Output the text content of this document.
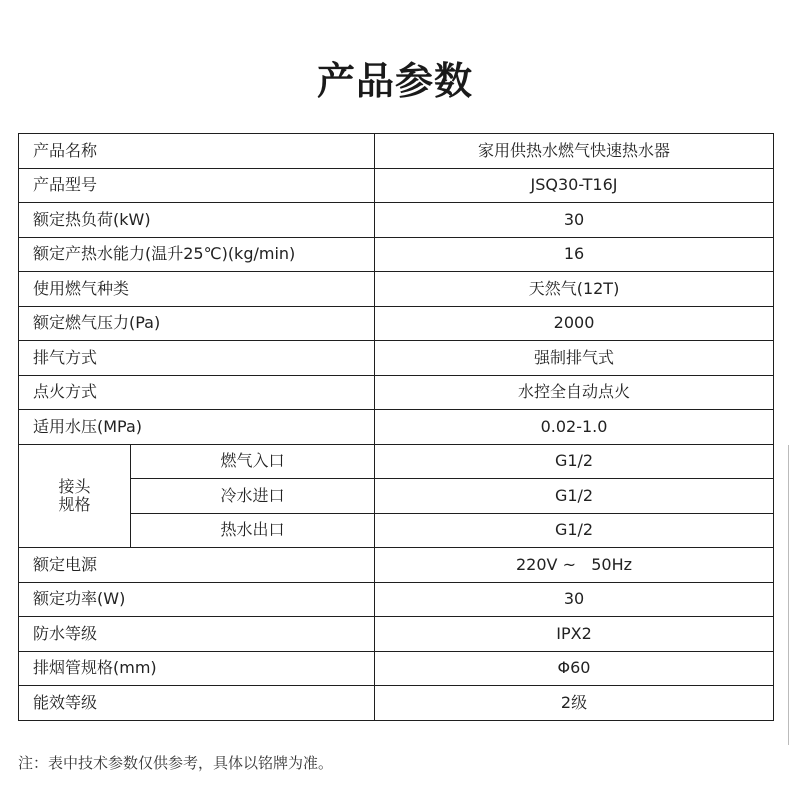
产品参数
产品名称		家用供热水燃气快速热水器
产品型号		JSQ30-T16J
额定热负荷(kW)		30
额定产热水能力(温升25℃)(kg/min)		16
使用燃气种类		天然气(12T)
额定燃气压力(Pa)		2000
排气方式		强制排气式
点火方式		水控全自动点火
适用水压(MPa)		0.02-1.0
接头
规格	燃气入口	G1/2
	冷水进口	G1/2
	热水出口	G1/2
额定电源		220V ~   50Hz
额定功率(W)		30
防水等级		IPX2
排烟管规格(mm)		Φ60
能效等级		2级
注：表中技术参数仅供参考，具体以铭牌为准。
